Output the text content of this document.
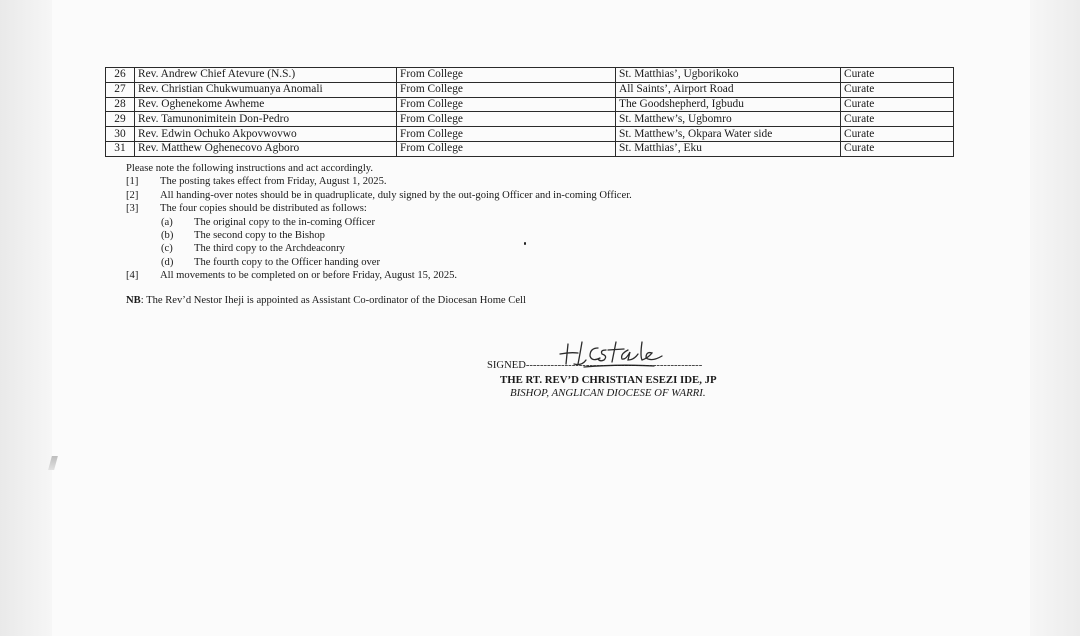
26	Rev. Andrew Chief Atevure (N.S.)	From College	St. Matthias’, Ugborikoko	Curate
27	Rev. Christian Chukwumuanya Anomali	From College	All Saints’, Airport Road	Curate
28	Rev. Oghenekome Awheme	From College	The Goodshepherd, Igbudu	Curate
29	Rev. Tamunonimitein Don-Pedro	From College	St. Matthew’s, Ugbomro	Curate
30	Rev. Edwin Ochuko Akpovwovwo	From College	St. Matthew’s, Okpara Water side	Curate
31	Rev. Matthew Oghenecovo Agboro	From College	St. Matthias’, Eku	Curate
Please note the following instructions and act accordingly.
[1] The posting takes effect from Friday, August 1, 2025.
[2] All handing-over notes should be in quadruplicate, duly signed by the out-going Officer and in-coming Officer.
[3] The four copies should be distributed as follows:
(a) The original copy to the in-coming Officer
(b) The second copy to the Bishop
(c) The third copy to the Archdeaconry
(d) The fourth copy to the Officer handing over
[4] All movements to be completed on or before Friday, August 15, 2025.
NB: The Rev’d Nestor Iheji is appointed as Assistant Co-ordinator of the Diocesan Home Cell
SIGNED--------------------------------------------------
THE RT. REV’D CHRISTIAN ESEZI IDE, JP
BISHOP, ANGLICAN DIOCESE OF WARRI.
